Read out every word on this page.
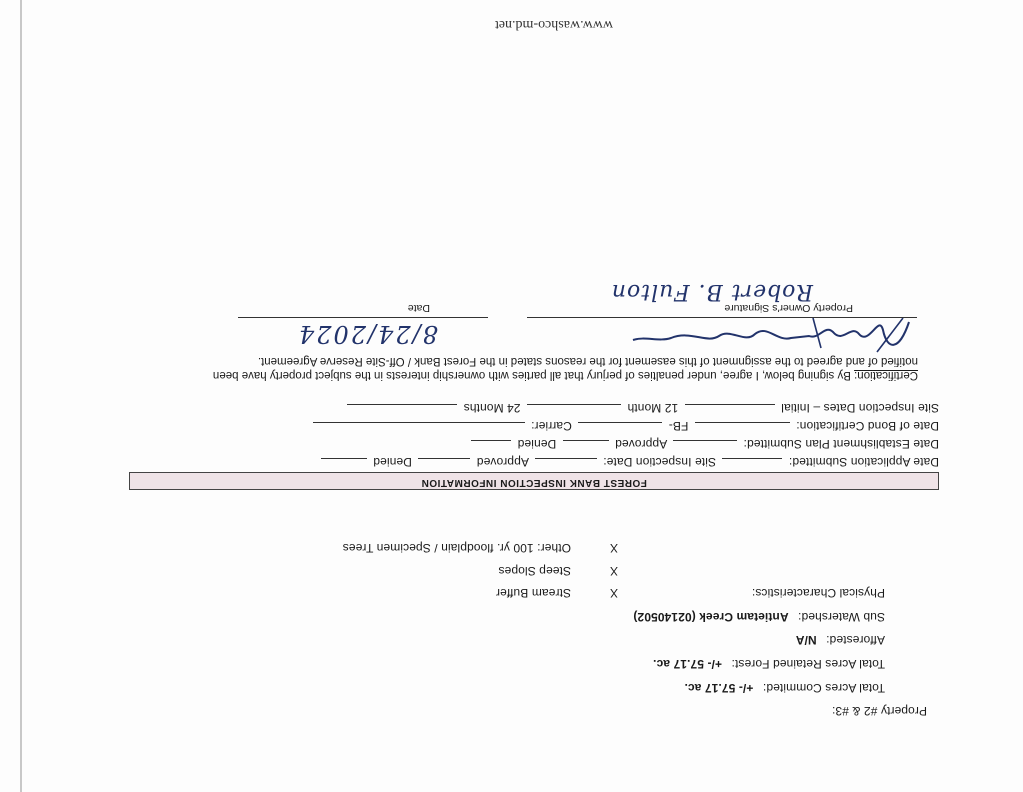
Property #2 & #3:
Total Acres Commited: +/- 57.17 ac.
Total Acres Retained Forest: +/- 57.17 ac.
Afforested: N/A
Sub Watershed: Antietam Creek (02140502)
Physical Characteristics:
X
Stream Buffer
X
Steep Slopes
X
Other: 100 yr. floodplain / Specimen Trees
FOREST BANK INSPECTION INFORMATION
Date Application Submitted:  Site Inspection Date:  Approved  Denied
Date Establishment Plan Submitted:  Approved  Denied
Date of Bond Certification:  FB-  Carrier:
Site Inspection Dates – Initial  12 Month  24 Months
Certification: By signing below, I agree, under penalties of perjury that all parties with ownership interests in the subject property have been notified of and agreed to the assignment of this easement for the reasons stated in the Forest Bank / Off-Site Reserve Agreement.
8/24/2024
Property Owner's Signature
Date
Robert B. Fulton
www.washco-md.net
